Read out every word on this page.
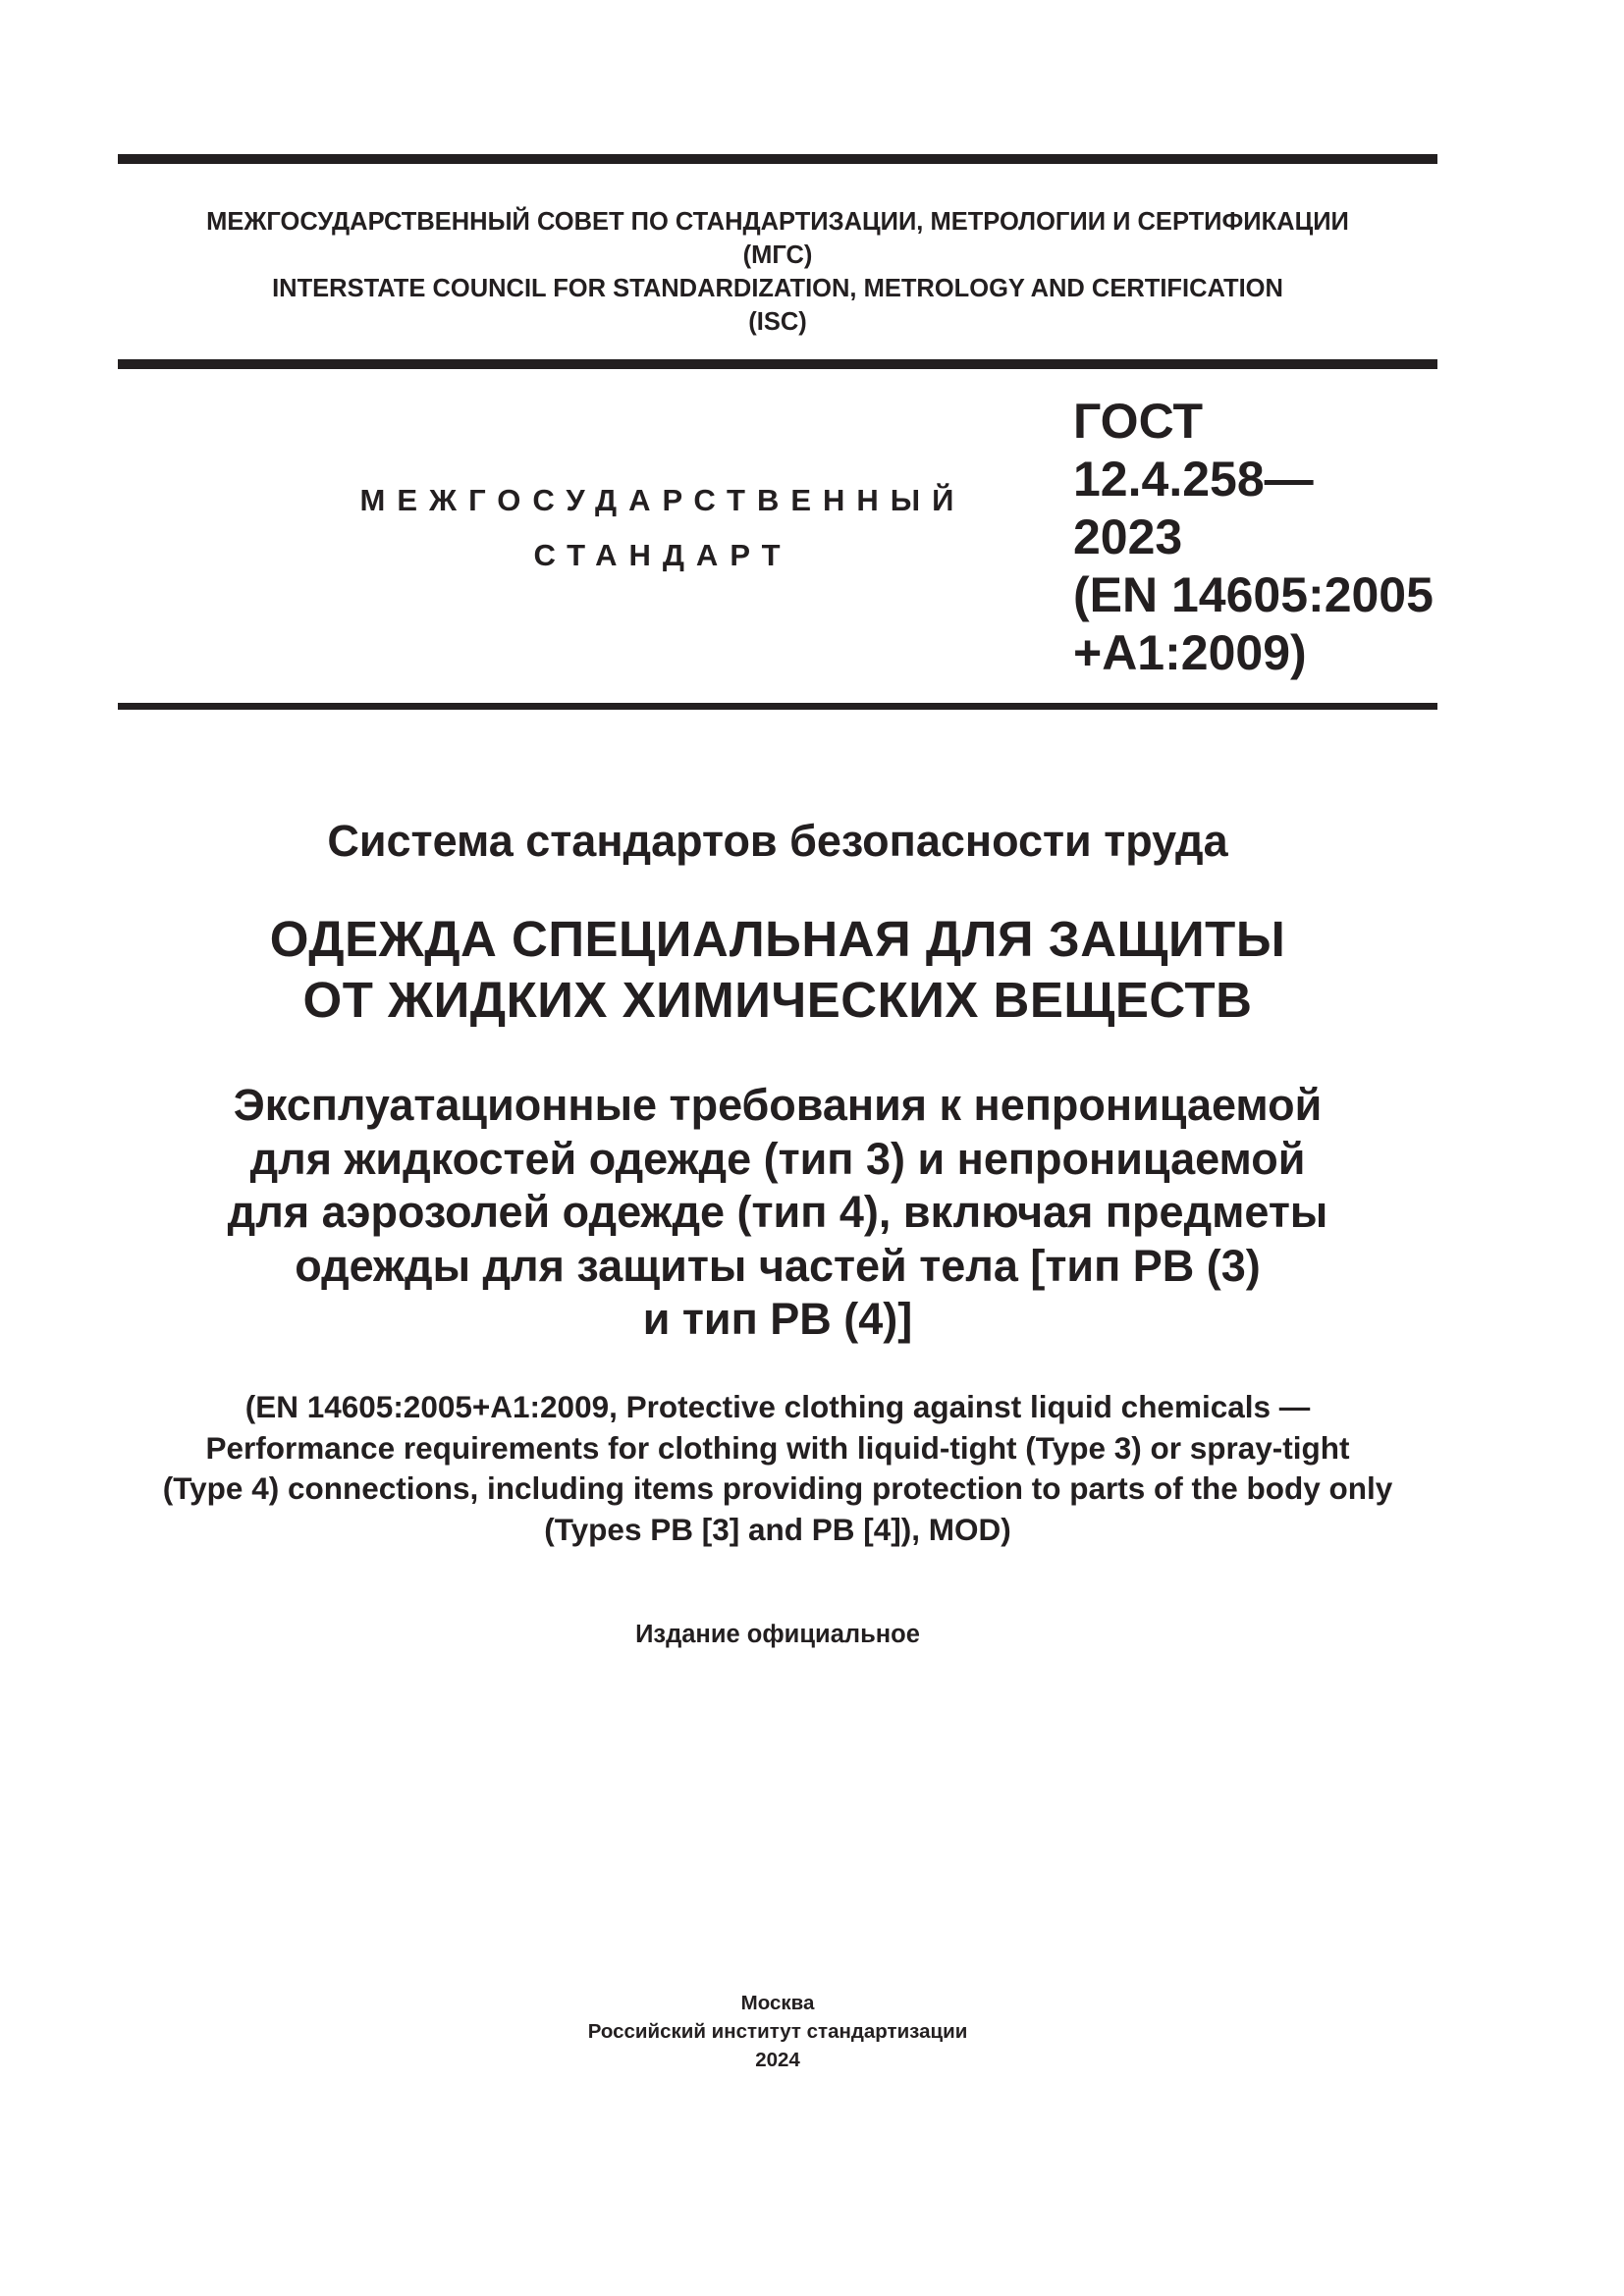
МЕЖГОСУДАРСТВЕННЫЙ СОВЕТ ПО СТАНДАРТИЗАЦИИ, МЕТРОЛОГИИ И СЕРТИФИКАЦИИ
(МГС)
INTERSTATE COUNCIL FOR STANDARDIZATION, METROLOGY AND CERTIFICATION
(ISC)
МЕЖГОСУДАРСТВЕННЫЙ
СТАНДАРТ
ГОСТ
12.4.258—
2023
(EN 14605:2005
+A1:2009)
Система стандартов безопасности труда
ОДЕЖДА СПЕЦИАЛЬНАЯ ДЛЯ ЗАЩИТЫ
ОТ ЖИДКИХ ХИМИЧЕСКИХ ВЕЩЕСТВ
Эксплуатационные требования к непроницаемой
для жидкостей одежде (тип 3) и непроницаемой
для аэрозолей одежде (тип 4), включая предметы
одежды для защиты частей тела [тип PB (3)
и тип PB (4)]
(EN 14605:2005+A1:2009, Protective clothing against liquid chemicals —
Performance requirements for clothing with liquid-tight (Type 3) or spray-tight
(Type 4) connections, including items providing protection to parts of the body only
(Types PB [3] and PB [4]), MOD)
Издание официальное
Москва
Российский институт стандартизации
2024
